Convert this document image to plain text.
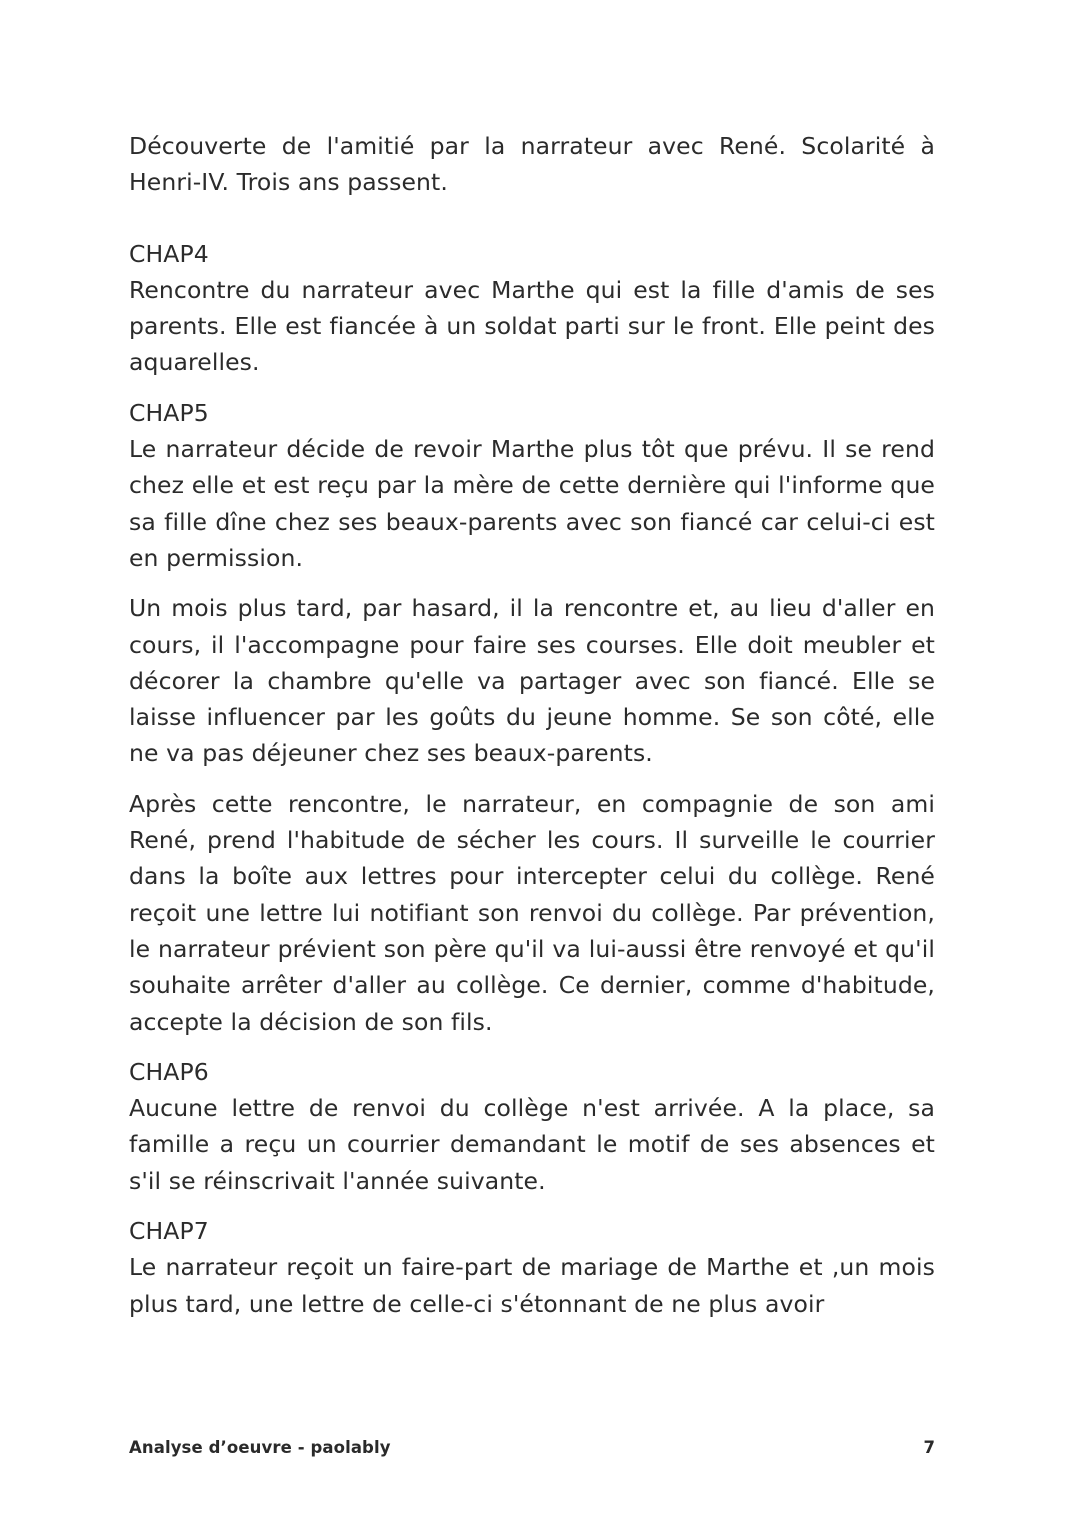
Découverte de l'amitié par la narrateur avec René. Scolarité à Henri-IV. Trois ans passent.

CHAP4

Rencontre du narrateur avec Marthe qui est la fille d'amis de ses parents. Elle est fiancée à un soldat parti sur le front. Elle peint des aquarelles.

CHAP5

Le narrateur décide de revoir Marthe plus tôt que prévu. Il se rend chez elle et est reçu par la mère de cette dernière qui l'informe que sa fille dîne chez ses beaux-parents avec son fiancé car celui-ci est en permission.

Un mois plus tard, par hasard, il la rencontre et, au lieu d'aller en cours, il l'accompagne pour faire ses courses. Elle doit meubler et décorer la chambre qu'elle va partager avec son fiancé. Elle se laisse influencer par les goûts du jeune homme. Se son côté, elle ne va pas déjeuner chez ses beaux-parents.

Après cette rencontre, le narrateur, en compagnie de son ami René, prend l'habitude de sécher les cours. Il surveille le courrier dans la boîte aux lettres pour intercepter celui du collège. René reçoit une lettre lui notifiant son renvoi du collège. Par prévention, le narrateur prévient son père qu'il va lui-aussi être renvoyé et qu'il souhaite arrêter d'aller au collège. Ce dernier, comme d'habitude, accepte la décision de son fils.

CHAP6

Aucune lettre de renvoi du collège n'est arrivée. A la place, sa famille a reçu un courrier demandant le motif de ses absences et s'il se réinscrivait l'année suivante.

CHAP7

Le narrateur reçoit un faire-part de mariage de Marthe et ,un mois plus tard, une lettre de celle-ci s'étonnant de ne plus avoir

Analyse d’oeuvre - paolably	7
